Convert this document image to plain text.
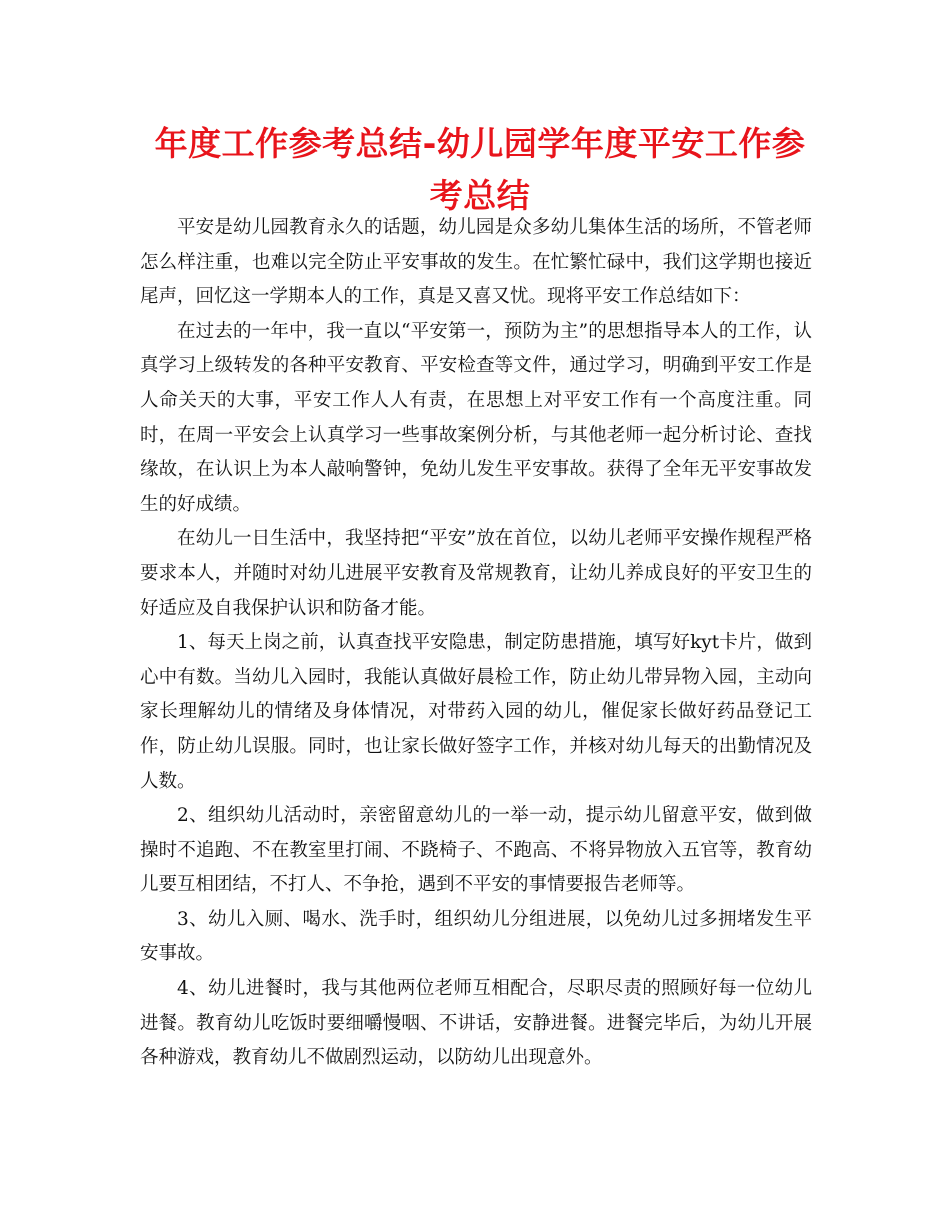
年度工作参考总结-幼儿园学年度平安工作参考总结

平安是幼儿园教育永久的话题，幼儿园是众多幼儿集体生活的场所，不管老师怎么样注重，也难以完全防止平安事故的发生。在忙繁忙碌中，我们这学期也接近尾声，回忆这一学期本人的工作，真是又喜又忧。现将平安工作总结如下：

在过去的一年中，我一直以“平安第一，预防为主”的思想指导本人的工作，认真学习上级转发的各种平安教育、平安检查等文件，通过学习，明确到平安工作是人命关天的大事，平安工作人人有责，在思想上对平安工作有一个高度注重。同时，在周一平安会上认真学习一些事故案例分析，与其他老师一起分析讨论、查找缘故，在认识上为本人敲响警钟，免幼儿发生平安事故。获得了全年无平安事故发生的好成绩。

在幼儿一日生活中，我坚持把“平安”放在首位，以幼儿老师平安操作规程严格要求本人，并随时对幼儿进展平安教育及常规教育，让幼儿养成良好的平安卫生的好适应及自我保护认识和防备才能。

1、每天上岗之前，认真查找平安隐患，制定防患措施，填写好kyt卡片，做到心中有数。当幼儿入园时，我能认真做好晨检工作，防止幼儿带异物入园，主动向家长理解幼儿的情绪及身体情况，对带药入园的幼儿，催促家长做好药品登记工作，防止幼儿误服。同时，也让家长做好签字工作，并核对幼儿每天的出勤情况及人数。

2、组织幼儿活动时，亲密留意幼儿的一举一动，提示幼儿留意平安，做到做操时不追跑、不在教室里打闹、不跷椅子、不跑高、不将异物放入五官等，教育幼儿要互相团结，不打人、不争抢，遇到不平安的事情要报告老师等。

3、幼儿入厕、喝水、洗手时，组织幼儿分组进展，以免幼儿过多拥堵发生平安事故。

4、幼儿进餐时，我与其他两位老师互相配合，尽职尽责的照顾好每一位幼儿进餐。教育幼儿吃饭时要细嚼慢咽、不讲话，安静进餐。进餐完毕后，为幼儿开展各种游戏，教育幼儿不做剧烈运动，以防幼儿出现意外。
